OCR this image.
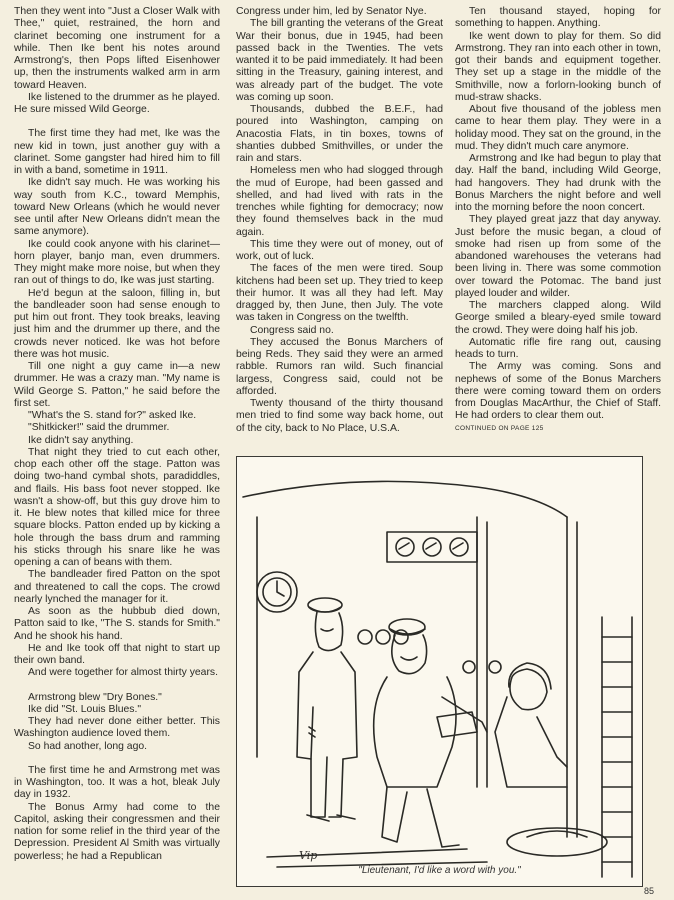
Then they went into "Just a Closer Walk with Thee," quiet, restrained, the horn and clarinet becoming one instrument for a while. Then Ike bent his notes around Armstrong's, then Pops lifted Eisenhower up, then the instruments walked arm in arm toward Heaven.

Ike listened to the drummer as he played. He sure missed Wild George.

The first time they had met, Ike was the new kid in town, just another guy with a clarinet. Some gangster had hired him to fill in with a band, sometime in 1911.

Ike didn't say much. He was working his way south from K.C., toward Memphis, toward New Orleans (which he would never see until after New Orleans didn't mean the same anymore).

Ike could cook anyone with his clarinet—horn player, banjo man, even drummers. They might make more noise, but when they ran out of things to do, Ike was just starting.

He'd begun at the saloon, filling in, but the bandleader soon had sense enough to put him out front. They took breaks, leaving just him and the drummer up there, and the crowds never noticed. Ike was hot before there was hot music.

Till one night a guy came in—a new drummer. He was a crazy man. "My name is Wild George S. Patton," he said before the first set.

"What's the S. stand for?" asked Ike.

"Shitkicker!" said the drummer.

Ike didn't say anything.

That night they tried to cut each other, chop each other off the stage. Patton was doing two-hand cymbal shots, paradiddles, and flails. His bass foot never stopped. Ike wasn't a show-off, but this guy drove him to it. He blew notes that killed mice for three square blocks. Patton ended up by kicking a hole through the bass drum and ramming his sticks through his snare like he was opening a can of beans with them.

The bandleader fired Patton on the spot and threatened to call the cops. The crowd nearly lynched the manager for it.

As soon as the hubbub died down, Patton said to Ike, "The S. stands for Smith." And he shook his hand.

He and Ike took off that night to start up their own band.

And were together for almost thirty years.

Armstrong blew "Dry Bones."

Ike did "St. Louis Blues."

They had never done either better. This Washington audience loved them.

So had another, long ago.

The first time he and Armstrong met was in Washington, too. It was a hot, bleak July day in 1932.

The Bonus Army had come to the Capitol, asking their congressmen and their nation for some relief in the third year of the Depression. President Al Smith was virtually powerless; he had a Republican

Congress under him, led by Senator Nye.

The bill granting the veterans of the Great War their bonus, due in 1945, had been passed back in the Twenties. The vets wanted it to be paid immediately. It had been sitting in the Treasury, gaining interest, and was already part of the budget. The vote was coming up soon.

Thousands, dubbed the B.E.F., had poured into Washington, camping on Anacostia Flats, in tin boxes, towns of shanties dubbed Smithvilles, or under the rain and stars.

Homeless men who had slogged through the mud of Europe, had been gassed and shelled, and had lived with rats in the trenches while fighting for democracy; now they found themselves back in the mud again.

This time they were out of money, out of work, out of luck.

The faces of the men were tired. Soup kitchens had been set up. They tried to keep their humor. It was all they had left. May dragged by, then June, then July. The vote was taken in Congress on the twelfth.

Congress said no.

They accused the Bonus Marchers of being Reds. They said they were an armed rabble. Rumors ran wild. Such financial largess, Congress said, could not be afforded.

Twenty thousand of the thirty thousand men tried to find some way back home, out of the city, back to No Place, U.S.A.

Ten thousand stayed, hoping for something to happen. Anything.

Ike went down to play for them. So did Armstrong. They ran into each other in town, got their bands and equipment together. They set up a stage in the middle of the Smithville, now a forlorn-looking bunch of mud-straw shacks.

About five thousand of the jobless men came to hear them play. They were in a holiday mood. They sat on the ground, in the mud. They didn't much care anymore.

Armstrong and Ike had begun to play that day. Half the band, including Wild George, had hangovers. They had drunk with the Bonus Marchers the night before and well into the morning before the noon concert.

They played great jazz that day anyway. Just before the music began, a cloud of smoke had risen up from some of the abandoned warehouses the veterans had been living in. There was some commotion over toward the Potomac. The band just played louder and wilder.

The marchers clapped along. Wild George smiled a bleary-eyed smile toward the crowd. They were doing half his job.

Automatic rifle fire rang out, causing heads to turn.

The Army was coming. Sons and nephews of some of the Bonus Marchers there were coming toward them on orders from Douglas MacArthur, the Chief of Staff. He had orders to clear them out.

CONTINUED ON PAGE 125

Vip
"Lieutenant, I'd like a word with you."
85
